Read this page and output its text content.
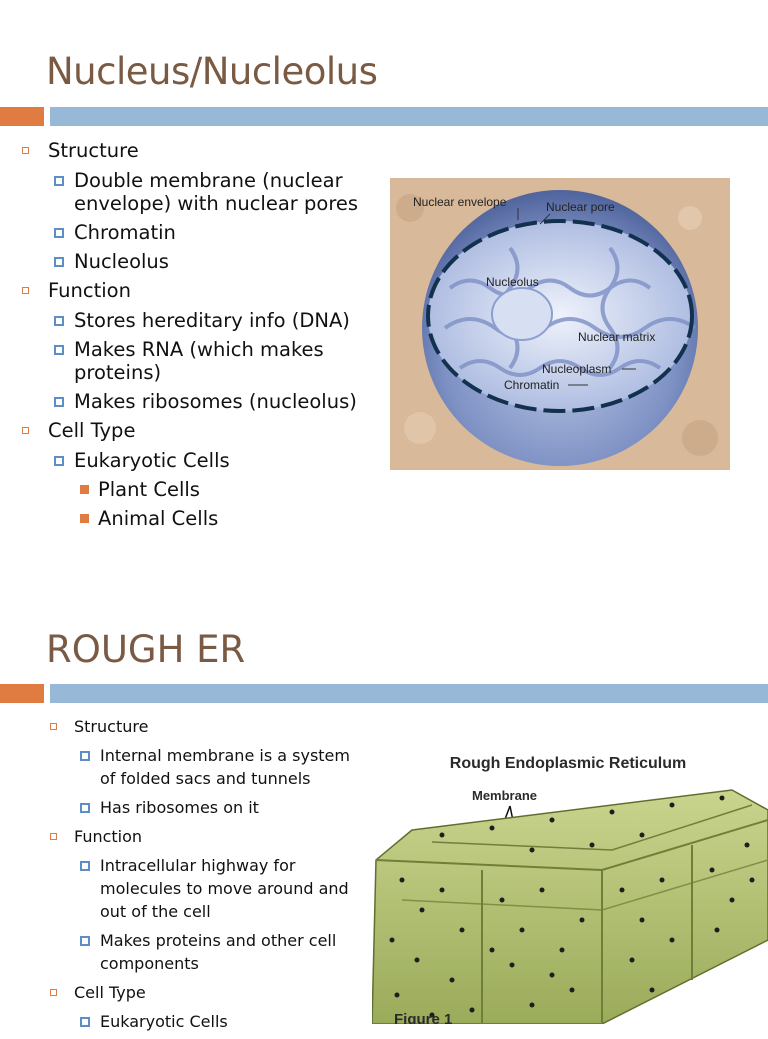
Nucleus/Nucleolus
Structure
Double membrane (nuclear envelope) with nuclear pores
Chromatin
Nucleolus
Function
Stores hereditary info (DNA)
Makes RNA (which makes proteins)
Makes ribosomes (nucleolus)
Cell Type
Eukaryotic Cells
Plant Cells
Animal Cells
Nuclear envelope	Nuclear pore
Nucleolus
Nuclear matrix
Nucleoplasm
Chromatin
ROUGH ER
Structure
Internal membrane is a system of folded sacs and tunnels
Has ribosomes on it
Function
Intracellular highway for molecules to move around and out of the cell
Makes proteins and other cell components
Cell Type
Eukaryotic Cells
Rough Endoplasmic Reticulum
Membrane
Figure 1
